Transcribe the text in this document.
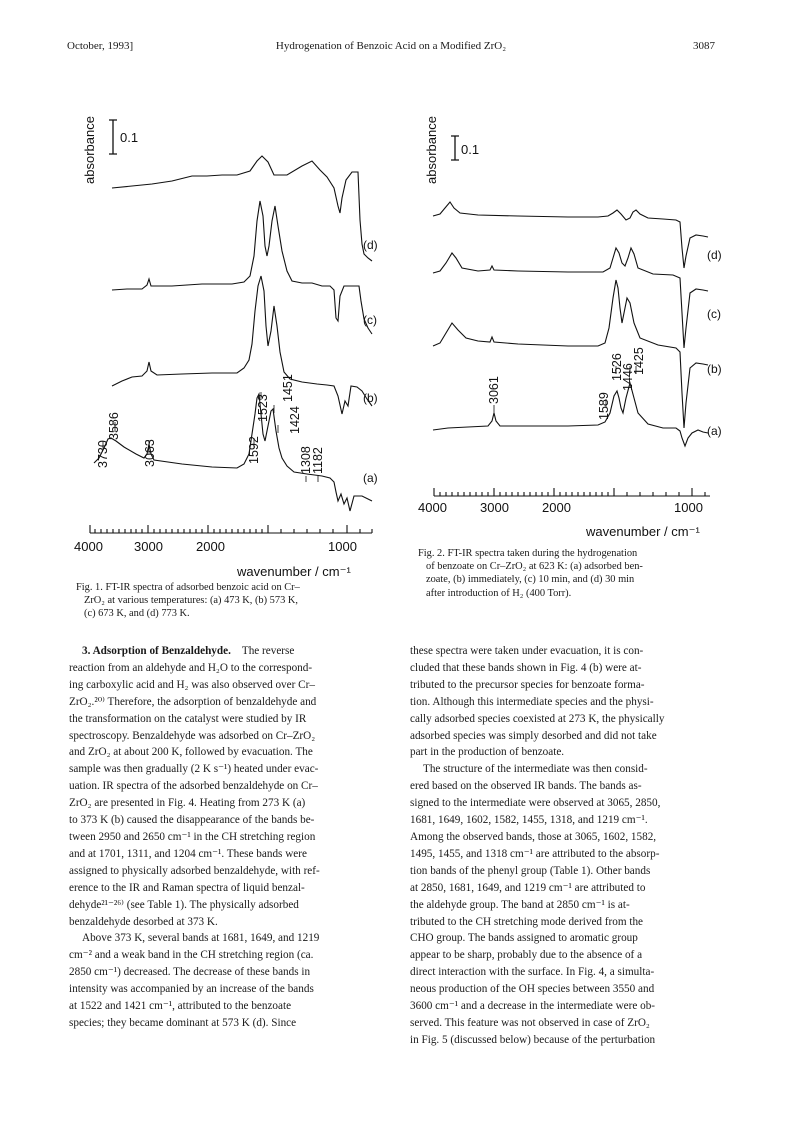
October, 1993]	Hydrogenation of Benzoic Acid on a Modified ZrO₂	3087
absorbance 0.1
(d)
(c)
(b)
(a)
3730
3586
3063	1592
1523
1451
1424
1308
1182
4000 3000	2000	1000
wavenumber / cm⁻¹
Fig. 1. FT-IR spectra of adsorbed benzoic acid on Cr–
ZrO₂ at various temperatures: (a) 473 K, (b) 573 K,
(c) 673 K, and (d) 773 K.
absorbance 0.1
(d)
(c)
(b)
(a)
3061
1589
1526
1446
1425
4000	3000	2000	1000
wavenumber / cm⁻¹
Fig. 2. FT-IR spectra taken during the hydrogenation
of benzoate on Cr–ZrO₂ at 623 K: (a) adsorbed ben-
zoate, (b) immediately, (c) 10 min, and (d) 30 min
after introduction of H₂ (400 Torr).

3. Adsorption of Benzaldehyde.    The reverse

reaction from an aldehyde and H₂O to the correspond-
ing carboxylic acid and H₂ was also observed over Cr–
ZrO₂.²⁰⁾ Therefore, the adsorption of benzaldehyde and
the transformation on the catalyst were studied by IR
spectroscopy. Benzaldehyde was adsorbed on Cr–ZrO₂
and ZrO₂ at about 200 K, followed by evacuation. The
sample was then gradually (2 K s⁻¹) heated under evac-
uation. IR spectra of the adsorbed benzaldehyde on Cr–
ZrO₂ are presented in Fig. 4. Heating from 273 K (a)
to 373 K (b) caused the disappearance of the bands be-
tween 2950 and 2650 cm⁻¹ in the CH stretching region
and at 1701, 1311, and 1204 cm⁻¹. These bands were
assigned to physically adsorbed benzaldehyde, with ref-
erence to the IR and Raman spectra of liquid benzal-
dehyde²¹⁻²⁶⁾ (see Table 1). The physically adsorbed
benzaldehyde desorbed at 373 K.
Above 373 K, several bands at 1681, 1649, and 1219
cm⁻² and a weak band in the CH stretching region (ca.
2850 cm⁻¹) decreased. The decrease of these bands in
intensity was accompanied by an increase of the bands
at 1522 and 1421 cm⁻¹, attributed to the benzoate
species; they became dominant at 573 K (d). Since
these spectra were taken under evacuation, it is con-
cluded that these bands shown in Fig. 4 (b) were at-
tributed to the precursor species for benzoate forma-
tion. Although this intermediate species and the physi-
cally adsorbed species coexisted at 273 K, the physically
adsorbed species was simply desorbed and did not take
part in the production of benzoate.
The structure of the intermediate was then consid-
ered based on the observed IR bands. The bands as-
signed to the intermediate were observed at 3065, 2850,
1681, 1649, 1602, 1582, 1455, 1318, and 1219 cm⁻¹.
Among the observed bands, those at 3065, 1602, 1582,
1495, 1455, and 1318 cm⁻¹ are attributed to the absorp-
tion bands of the phenyl group (Table 1). Other bands
at 2850, 1681, 1649, and 1219 cm⁻¹ are attributed to
the aldehyde group. The band at 2850 cm⁻¹ is at-
tributed to the CH stretching mode derived from the
CHO group. The bands assigned to aromatic group
appear to be sharp, probably due to the absence of a
direct interaction with the surface. In Fig. 4, a simulta-
neous production of the OH species between 3550 and
3600 cm⁻¹ and a decrease in the intermediate were ob-
served. This feature was not observed in case of ZrO₂
in Fig. 5 (discussed below) because of the perturbation
